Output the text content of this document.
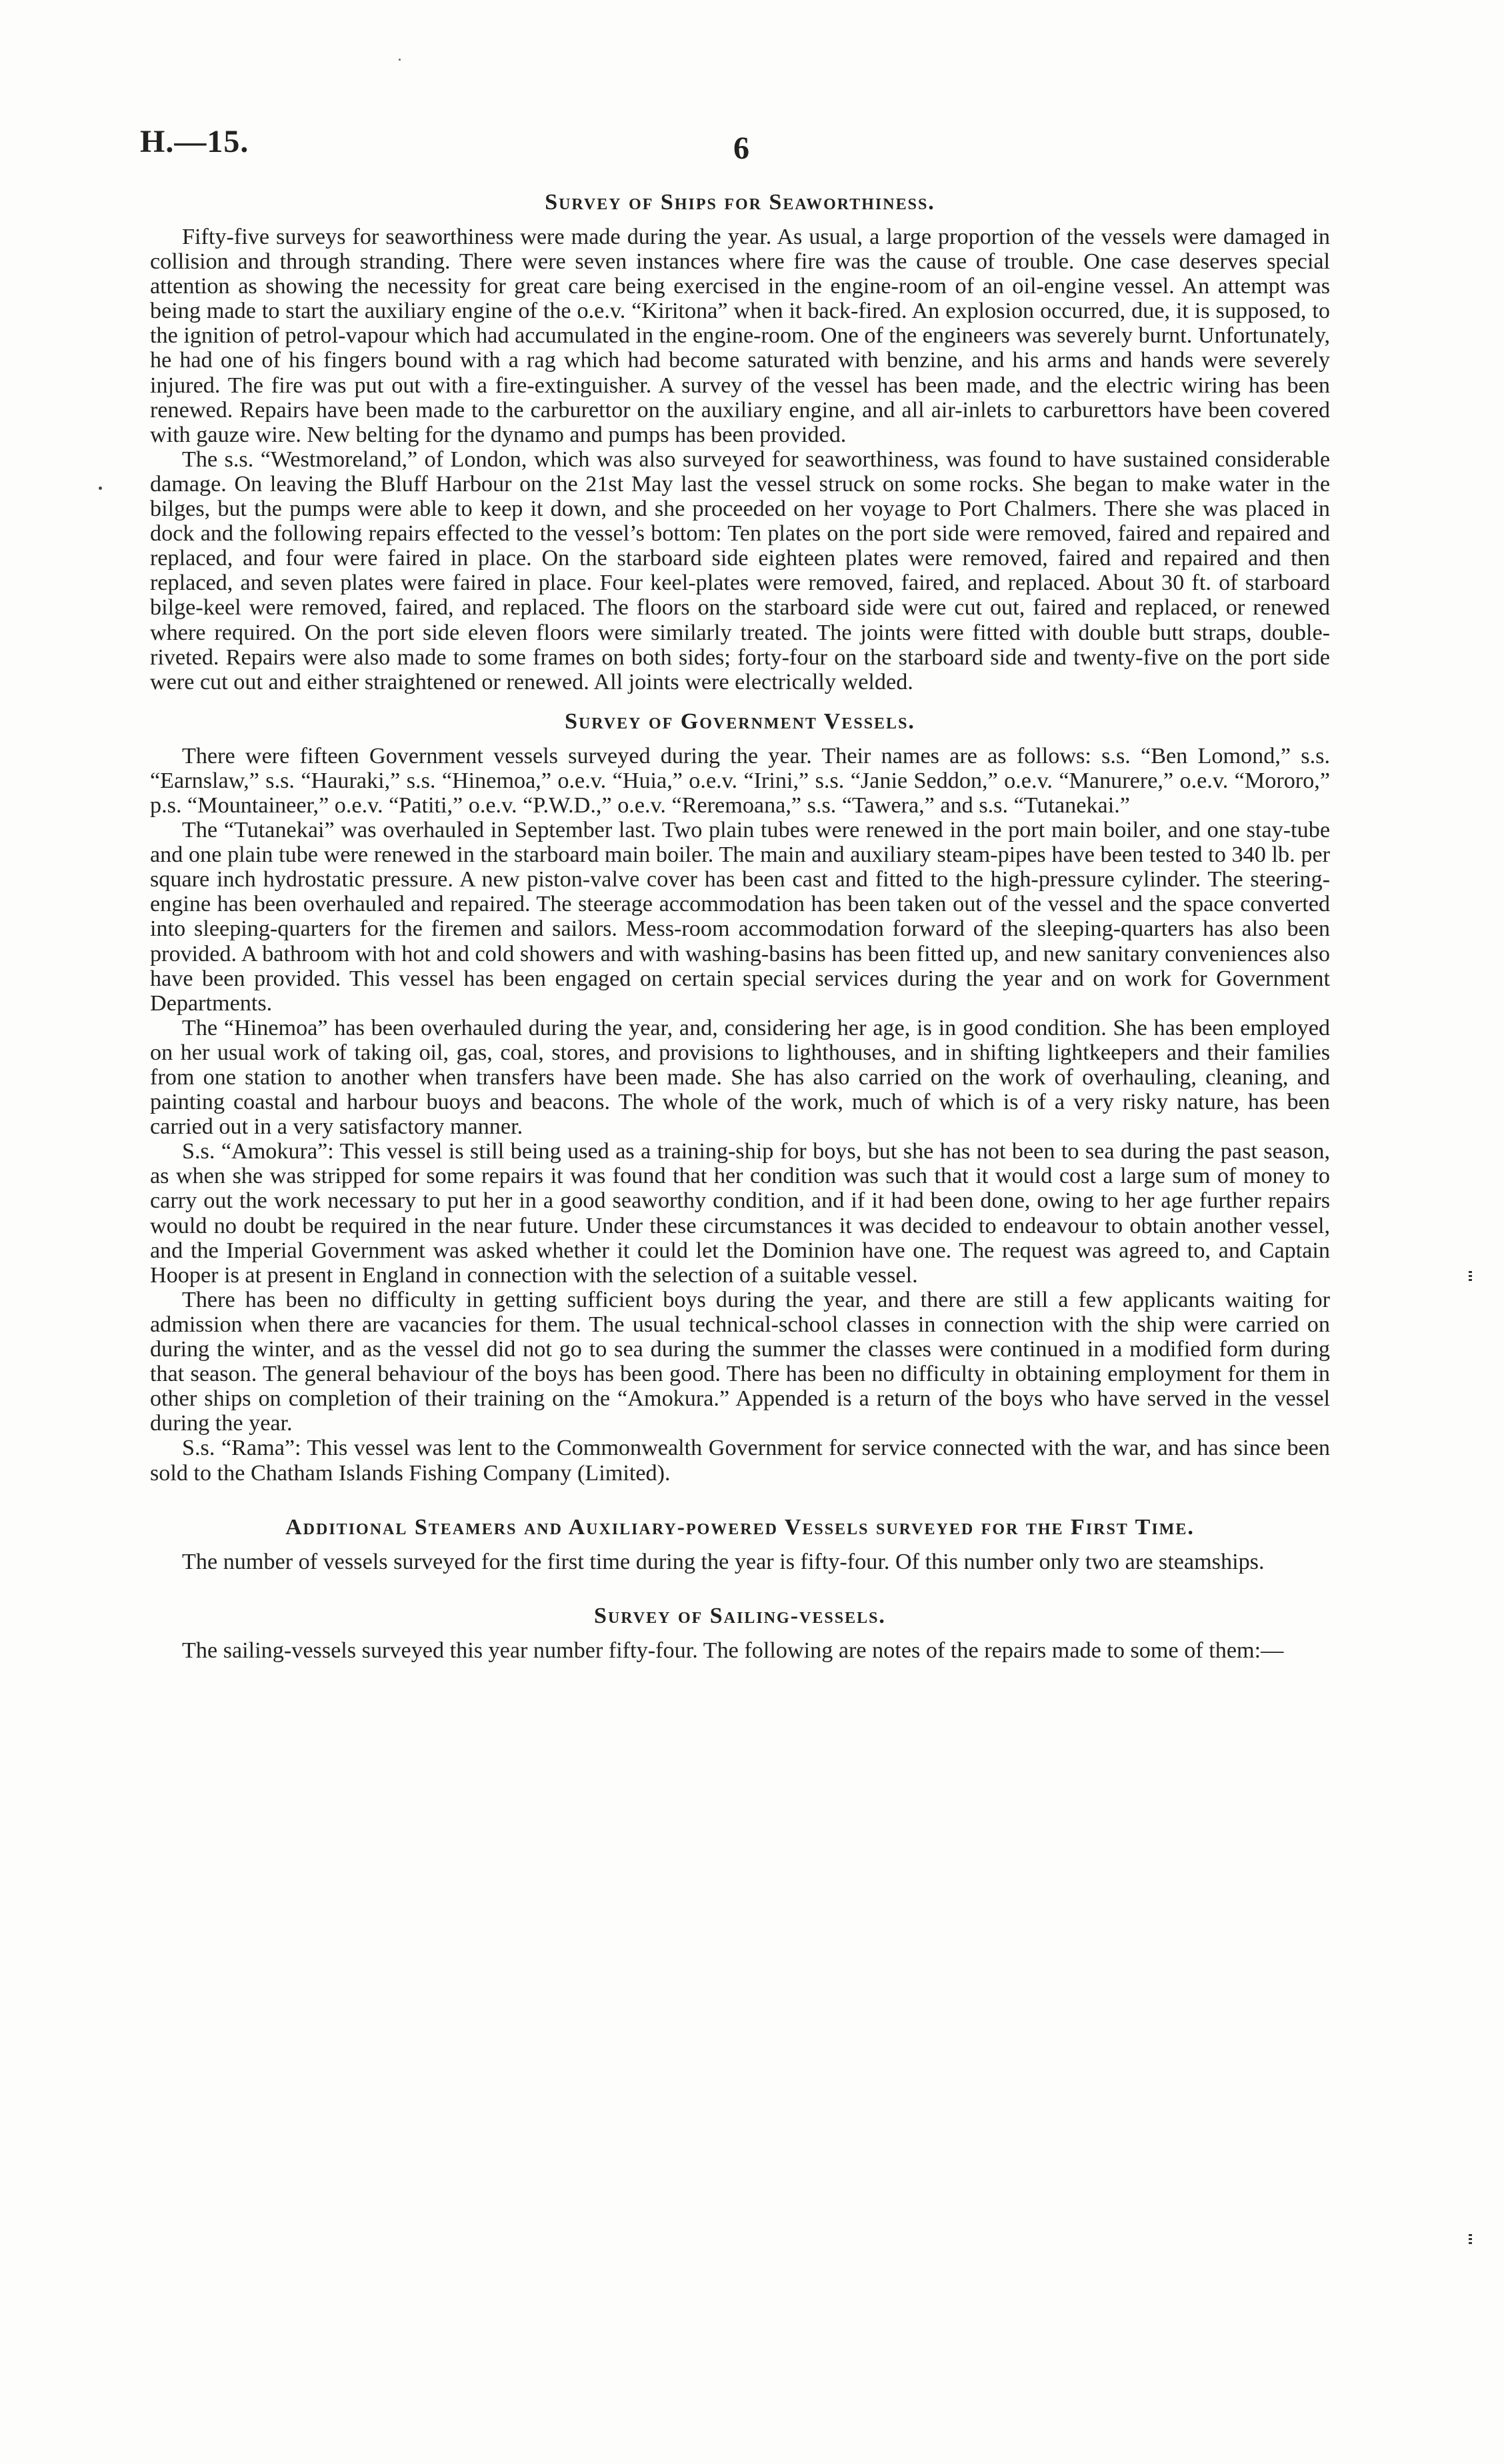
H.—15.	6
Survey of Ships for Seaworthiness.

Fifty-five surveys for seaworthiness were made during the year. As usual, a large proportion of the vessels were damaged in collision and through stranding. There were seven instances where fire was the cause of trouble. One case deserves special attention as showing the necessity for great care being exercised in the engine-room of an oil-engine vessel. An attempt was being made to start the auxiliary engine of the o.e.v. “Kiritona” when it back-fired. An explosion occurred, due, it is supposed, to the ignition of petrol-vapour which had accumulated in the engine-room. One of the engineers was severely burnt. Unfortunately, he had one of his fingers bound with a rag which had become saturated with benzine, and his arms and hands were severely injured. The fire was put out with a fire-extinguisher. A survey of the vessel has been made, and the electric wiring has been renewed. Repairs have been made to the carburettor on the auxiliary engine, and all air-inlets to carburettors have been covered with gauze wire. New belting for the dynamo and pumps has been provided.

The s.s. “Westmoreland,” of London, which was also surveyed for seaworthiness, was found to have sustained considerable damage. On leaving the Bluff Harbour on the 21st May last the vessel struck on some rocks. She began to make water in the bilges, but the pumps were able to keep it down, and she proceeded on her voyage to Port Chalmers. There she was placed in dock and the following repairs effected to the vessel’s bottom: Ten plates on the port side were removed, faired and repaired and replaced, and four were faired in place. On the starboard side eighteen plates were removed, faired and repaired and then replaced, and seven plates were faired in place. Four keel-plates were removed, faired, and replaced. About 30 ft. of starboard bilge-keel were removed, faired, and replaced. The floors on the starboard side were cut out, faired and replaced, or renewed where required. On the port side eleven floors were similarly treated. The joints were fitted with double butt straps, double-riveted. Repairs were also made to some frames on both sides; forty-four on the starboard side and twenty-five on the port side were cut out and either straightened or renewed. All joints were electrically welded.

Survey of Government Vessels.

There were fifteen Government vessels surveyed during the year. Their names are as follows: s.s. “Ben Lomond,” s.s. “Earnslaw,” s.s. “Hauraki,” s.s. “Hinemoa,” o.e.v. “Huia,” o.e.v. “Irini,” s.s. “Janie Seddon,” o.e.v. “Manurere,” o.e.v. “Mororo,” p.s. “Mountaineer,” o.e.v. “Patiti,” o.e.v. “P.W.D.,” o.e.v. “Reremoana,” s.s. “Tawera,” and s.s. “Tutanekai.”

The “Tutanekai” was overhauled in September last. Two plain tubes were renewed in the port main boiler, and one stay-tube and one plain tube were renewed in the starboard main boiler. The main and auxiliary steam-pipes have been tested to 340 lb. per square inch hydrostatic pressure. A new piston-valve cover has been cast and fitted to the high-pressure cylinder. The steering-engine has been overhauled and repaired. The steerage accommodation has been taken out of the vessel and the space converted into sleeping-quarters for the firemen and sailors. Mess-room accommodation forward of the sleeping-quarters has also been provided. A bathroom with hot and cold showers and with washing-basins has been fitted up, and new sanitary conveniences also have been provided. This vessel has been engaged on certain special services during the year and on work for Government Departments.

The “Hinemoa” has been overhauled during the year, and, considering her age, is in good condition. She has been employed on her usual work of taking oil, gas, coal, stores, and provisions to lighthouses, and in shifting lightkeepers and their families from one station to another when transfers have been made. She has also carried on the work of overhauling, cleaning, and painting coastal and harbour buoys and beacons. The whole of the work, much of which is of a very risky nature, has been carried out in a very satisfactory manner.

S.s. “Amokura”: This vessel is still being used as a training-ship for boys, but she has not been to sea during the past season, as when she was stripped for some repairs it was found that her condition was such that it would cost a large sum of money to carry out the work necessary to put her in a good seaworthy condition, and if it had been done, owing to her age further repairs would no doubt be required in the near future. Under these circumstances it was decided to endeavour to obtain another vessel, and the Imperial Government was asked whether it could let the Dominion have one. The request was agreed to, and Captain Hooper is at present in England in connection with the selection of a suitable vessel.

There has been no difficulty in getting sufficient boys during the year, and there are still a few applicants waiting for admission when there are vacancies for them. The usual technical-school classes in connection with the ship were carried on during the winter, and as the vessel did not go to sea during the summer the classes were continued in a modified form during that season. The general behaviour of the boys has been good. There has been no difficulty in obtaining employment for them in other ships on completion of their training on the “Amokura.” Appended is a return of the boys who have served in the vessel during the year.

S.s. “Rama”: This vessel was lent to the Commonwealth Government for service connected with the war, and has since been sold to the Chatham Islands Fishing Company (Limited).

Additional Steamers and Auxiliary-powered Vessels surveyed for the First Time.

The number of vessels surveyed for the first time during the year is fifty-four. Of this number only two are steamships.

Survey of Sailing-vessels.

The sailing-vessels surveyed this year number fifty-four. The following are notes of the repairs made to some of them:—
